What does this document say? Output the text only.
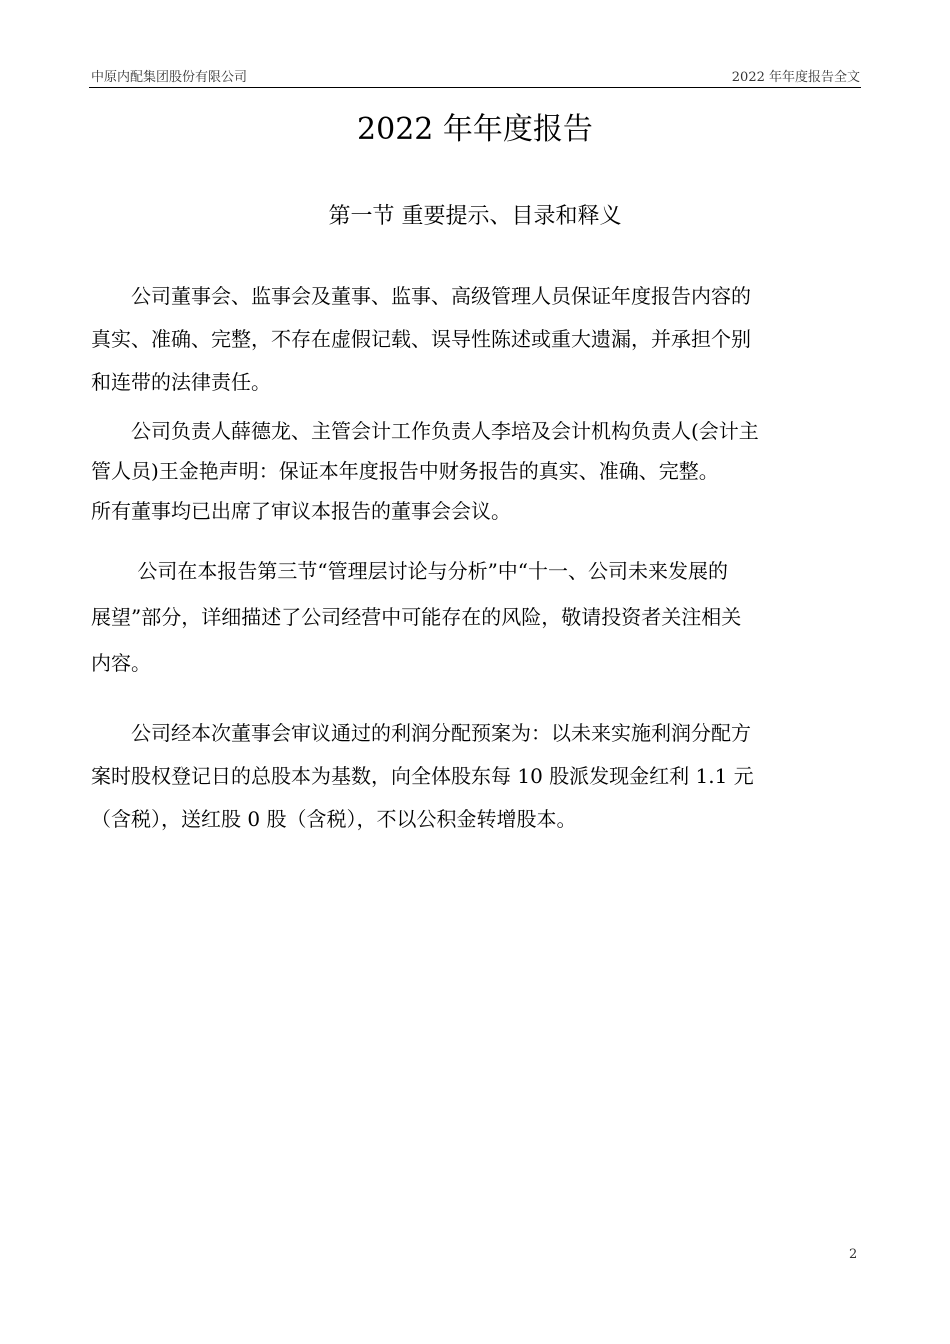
中原内配集团股份有限公司	2022 年年度报告全文
2022 年年度报告
第一节 重要提示、目录和释义
　　公司董事会、监事会及董事、监事、高级管理人员保证年度报告内容的
真实、准确、完整，不存在虚假记载、误导性陈述或重大遗漏，并承担个别
和连带的法律责任。
　　公司负责人薛德龙、主管会计工作负责人李培及会计机构负责人(会计主
管人员)王金艳声明：保证本年度报告中财务报告的真实、准确、完整。
所有董事均已出席了审议本报告的董事会会议。
　　 公司在本报告第三节“管理层讨论与分析”中“十一、公司未来发展的
展望”部分，详细描述了公司经营中可能存在的风险，敬请投资者关注相关
内容。
　　公司经本次董事会审议通过的利润分配预案为：以未来实施利润分配方
案时股权登记日的总股本为基数，向全体股东每 10 股派发现金红利 1.1 元
（含税），送红股 0 股（含税），不以公积金转增股本。
2
